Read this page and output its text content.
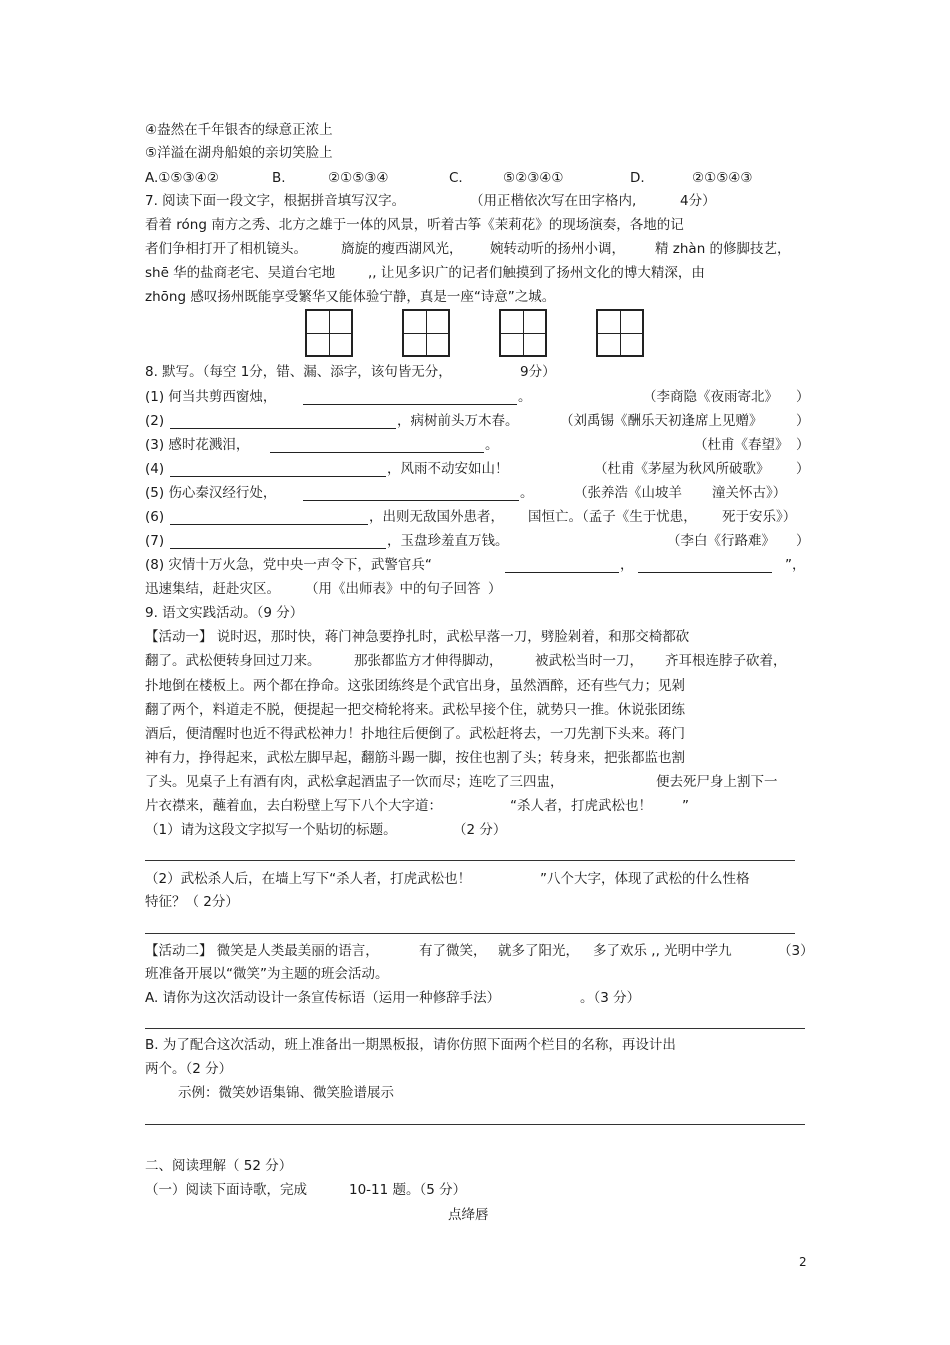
④盎然在千年银杏的绿意正浓上
⑤洋溢在湖舟船娘的亲切笑脸上
A.①⑤③④②	B.	②①⑤③④	C.	⑤②③④①	D.	②①⑤④③
7. 阅读下面一段文字，根据拼音填写汉字。	（用正楷依次写在田字格内,	4分）
看着 róng 南方之秀、北方之雄于一体的风景，听着古筝《茉莉花》的现场演奏，各地的记
者们争相打开了相机镜头。	旖旋的瘦西湖风光， 婉转动听的扬州小调， 精 zhàn 的修脚技艺，
shē 华的盐商老宅、吴道台宅地 ,, 让见多识广的记者们触摸到了扬州文化的博大精深，由
zhōng 感叹扬州既能享受繁华又能体验宁静，真是一座“诗意”之城。
8. 默写。（每空 1分，错、漏、添字，该句皆无分，	9分）
(1) 何当共剪西窗烛，	。	（李商隐《夜雨寄北》 ）
(2)	，病树前头万木春。	（刘禹锡《酬乐天初逢席上见赠》 ）
(3) 感时花溅泪，	。	（杜甫《春望》 ）
(4)	，风雨不动安如山！	（杜甫《茅屋为秋风所破歌》 ）
(5) 伤心秦汉经行处，	。	（张养浩《山坡羊 潼关怀古》）
(6)	，出则无敌国外患者， 国恒亡。（孟子《生于忧患， 死于安乐》）
(7)	，玉盘珍羞直万钱。	（李白《行路难》 ）
(8) 灾情十万火急，党中央一声令下，武警官兵“	，	”，
迅速集结，赶赴灾区。 （用《出师表》中的句子回答 ）
9. 语文实践活动。（9 分）
【活动一】 说时迟，那时快，蒋门神急要挣扎时，武松早落一刀，劈脸剁着，和那交椅都砍
翻了。武松便转身回过刀来。 那张都监方才伸得脚动， 被武松当时一刀， 齐耳根连脖子砍着，
扑地倒在楼板上。两个都在挣命。这张团练终是个武官出身，虽然酒醉，还有些气力；见剁
翻了两个，料道走不脱，便提起一把交椅轮将来。武松早接个住，就势只一推。休说张团练
酒后，便清醒时也近不得武松神力！扑地往后便倒了。武松赶将去，一刀先割下头来。蒋门
神有力，挣得起来，武松左脚早起，翻筋斗踢一脚，按住也割了头；转身来，把张都监也割
了头。见桌子上有酒有肉，武松拿起酒盅子一饮而尽；连吃了三四盅，	便去死尸身上割下一
片衣襟来，蘸着血，去白粉壁上写下八个大字道：	“杀人者，打虎武松也！ ”
（1）请为这段文字拟写一个贴切的标题。	（2 分）
（2）武松杀人后，在墙上写下“杀人者，打虎武松也！	”八个大字，体现了武松的什么性格
特征？（ 2分）
【活动二】 微笑是人类最美丽的语言，	有了微笑， 就多了阳光， 多了欢乐 ,, 光明中学九	（3）
班准备开展以“微笑”为主题的班会活动。
A. 请你为这次活动设计一条宣传标语（运用一种修辞手法）	。（3 分）
B. 为了配合这次活动，班上准备出一期黑板报，请你仿照下面两个栏目的名称，再设计出
两个。（2 分）
示例：微笑妙语集锦、微笑脸谱展示
二、阅读理解（ 52 分）
（一）阅读下面诗歌，完成	10-11 题。（5 分）
点绛唇
2
